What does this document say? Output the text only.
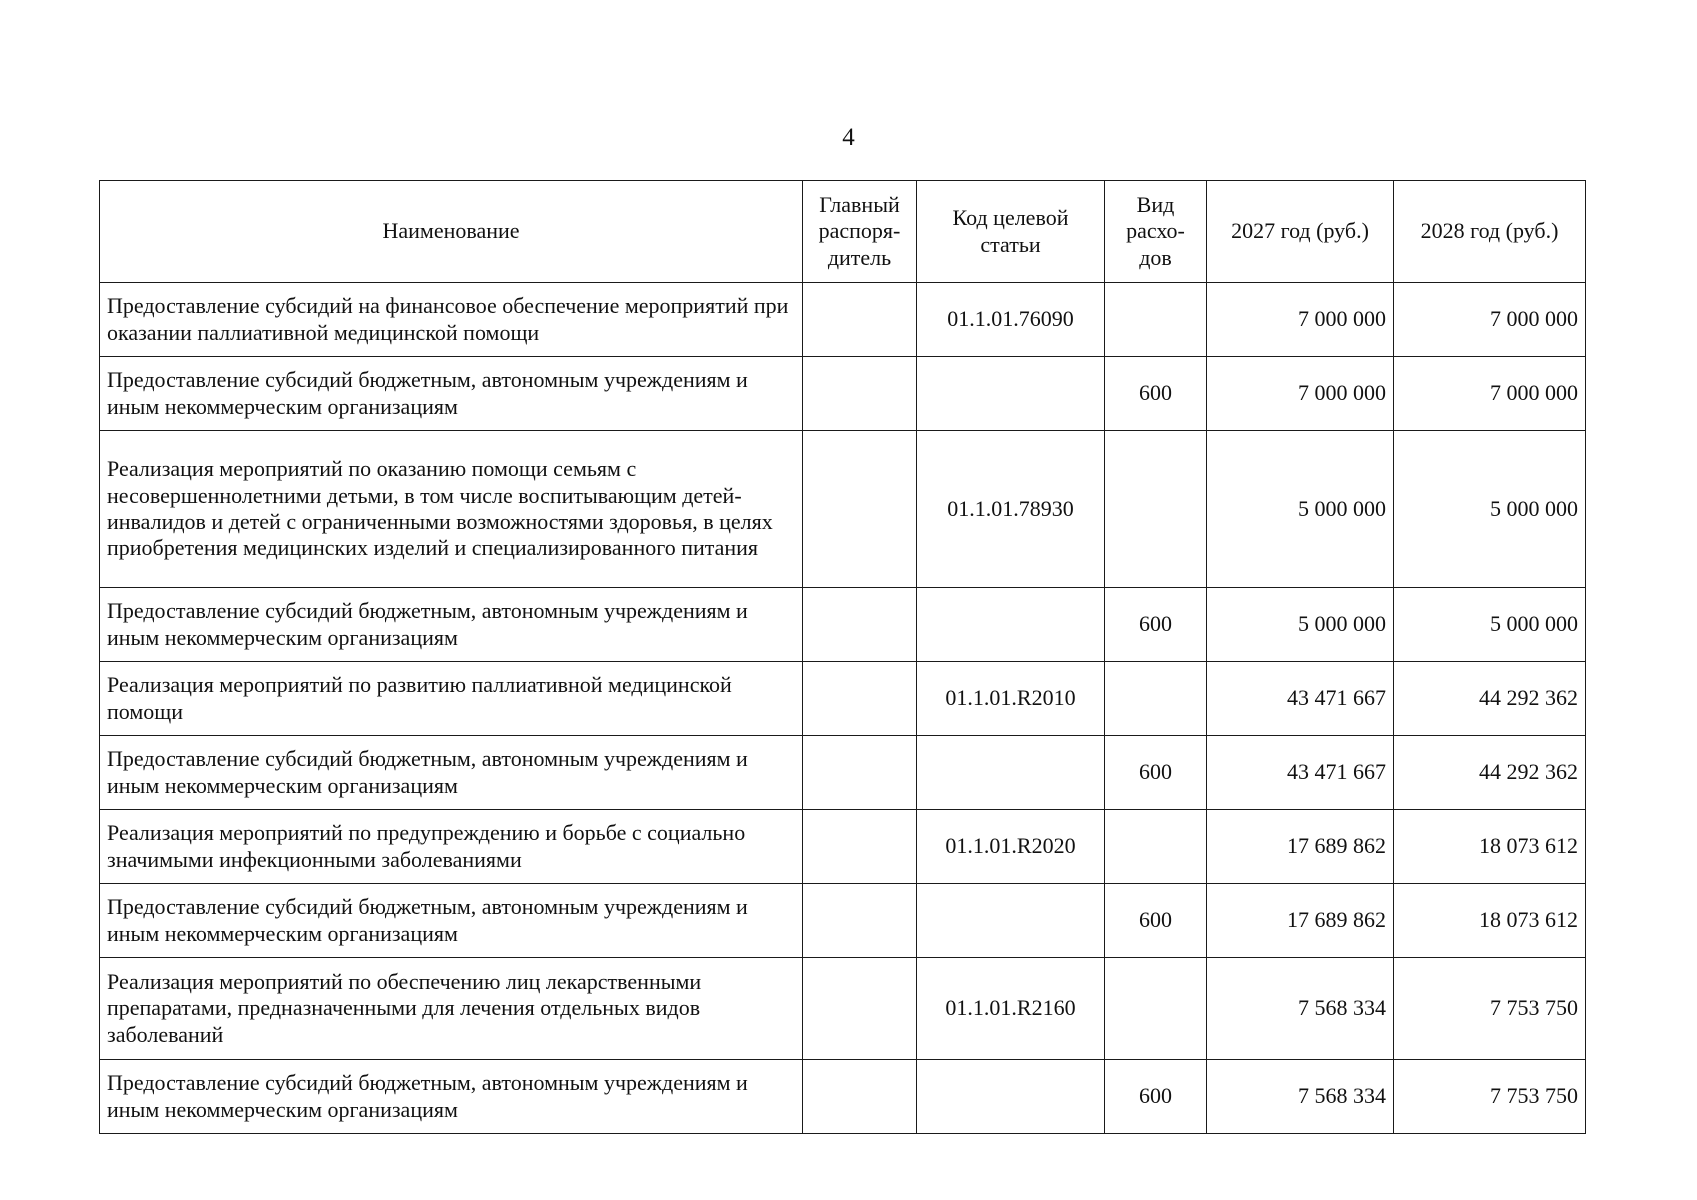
4
Наименование	Главный распоря-дитель	Код целевой статьи	Вид расхо-дов	2027 год (руб.)	2028 год (руб.)
Предоставление субсидий на финансовое обеспечение мероприятий при оказании паллиативной медицинской помощи		01.1.01.76090		7 000 000	7 000 000
Предоставление субсидий бюджетным, автономным учреждениям и иным некоммерческим организациям			600	7 000 000	7 000 000
Реализация мероприятий по оказанию помощи семьям с несовершеннолетними детьми, в том числе воспитывающим детей-инвалидов и детей с ограниченными возможностями здоровья, в целях приобретения медицинских изделий и специализированного питания		01.1.01.78930		5 000 000	5 000 000
Предоставление субсидий бюджетным, автономным учреждениям и иным некоммерческим организациям			600	5 000 000	5 000 000
Реализация мероприятий по развитию паллиативной медицинской помощи		01.1.01.R2010		43 471 667	44 292 362
Предоставление субсидий бюджетным, автономным учреждениям и иным некоммерческим организациям			600	43 471 667	44 292 362
Реализация мероприятий по предупреждению и борьбе с социально значимыми инфекционными заболеваниями		01.1.01.R2020		17 689 862	18 073 612
Предоставление субсидий бюджетным, автономным учреждениям и иным некоммерческим организациям			600	17 689 862	18 073 612
Реализация мероприятий по обеспечению лиц лекарственными препаратами, предназначенными для лечения отдельных видов заболеваний		01.1.01.R2160		7 568 334	7 753 750
Предоставление субсидий бюджетным, автономным учреждениям и иным некоммерческим организациям			600	7 568 334	7 753 750
